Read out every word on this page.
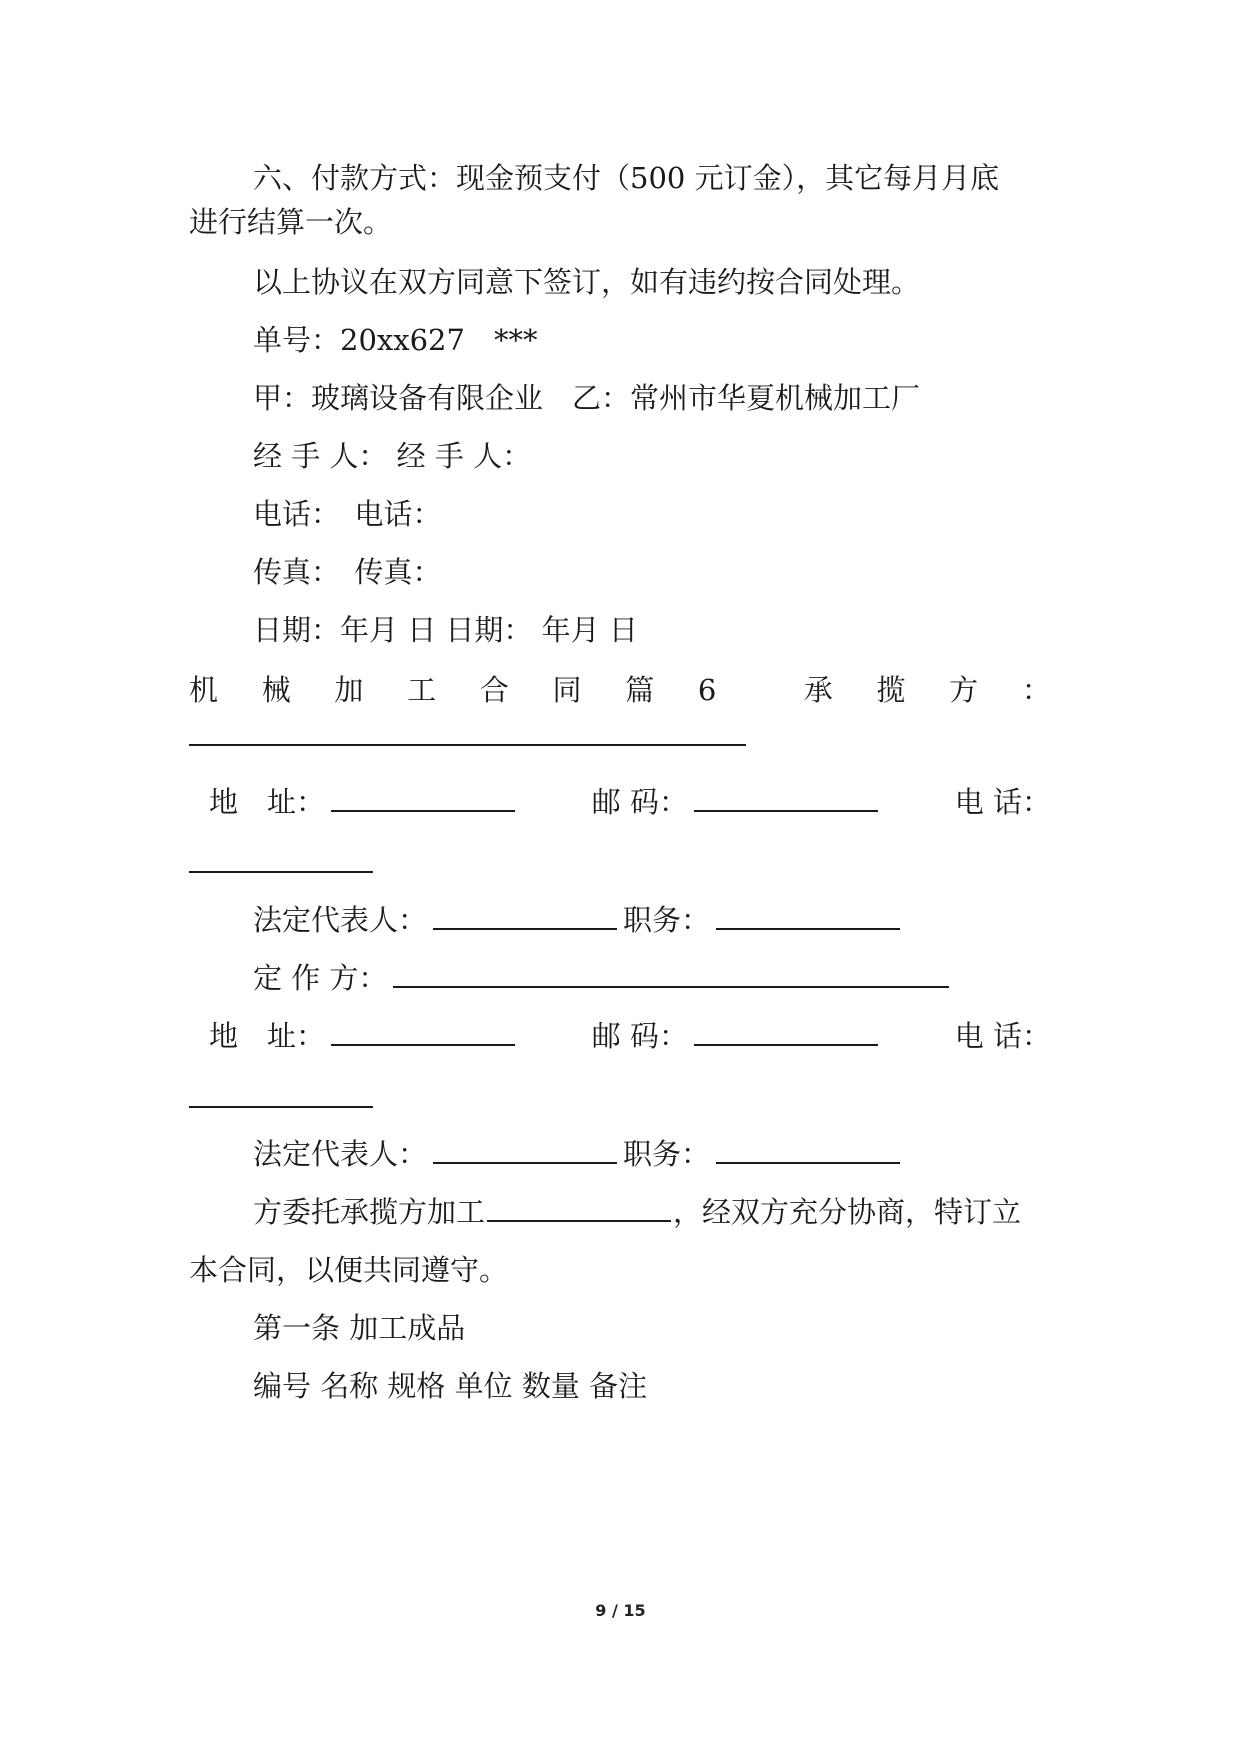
六、付款方式：现金预支付（500 元订金），其它每月月底
进行结算一次。
以上协议在双方同意下签订，如有违约按合同处理。
单号：20xx627　***
甲：玻璃设备有限企业　乙：常州市华夏机械加工厂
经 手 人： 经 手 人：
电话：　电话：
传真：　传真：
日期：年月 日 日期： 年月 日
机 械 加 工 合 同 篇 6	承 揽 方 ：
地　址：	邮 码：	电 话：
法定代表人：	职务：
定 作 方：
地　址：	邮 码：	电 话：
法定代表人：	职务：
方委托承揽方加工	，经双方充分协商，特订立
本合同，以便共同遵守。
第一条 加工成品
编号 名称 规格 单位 数量 备注
9 / 15
